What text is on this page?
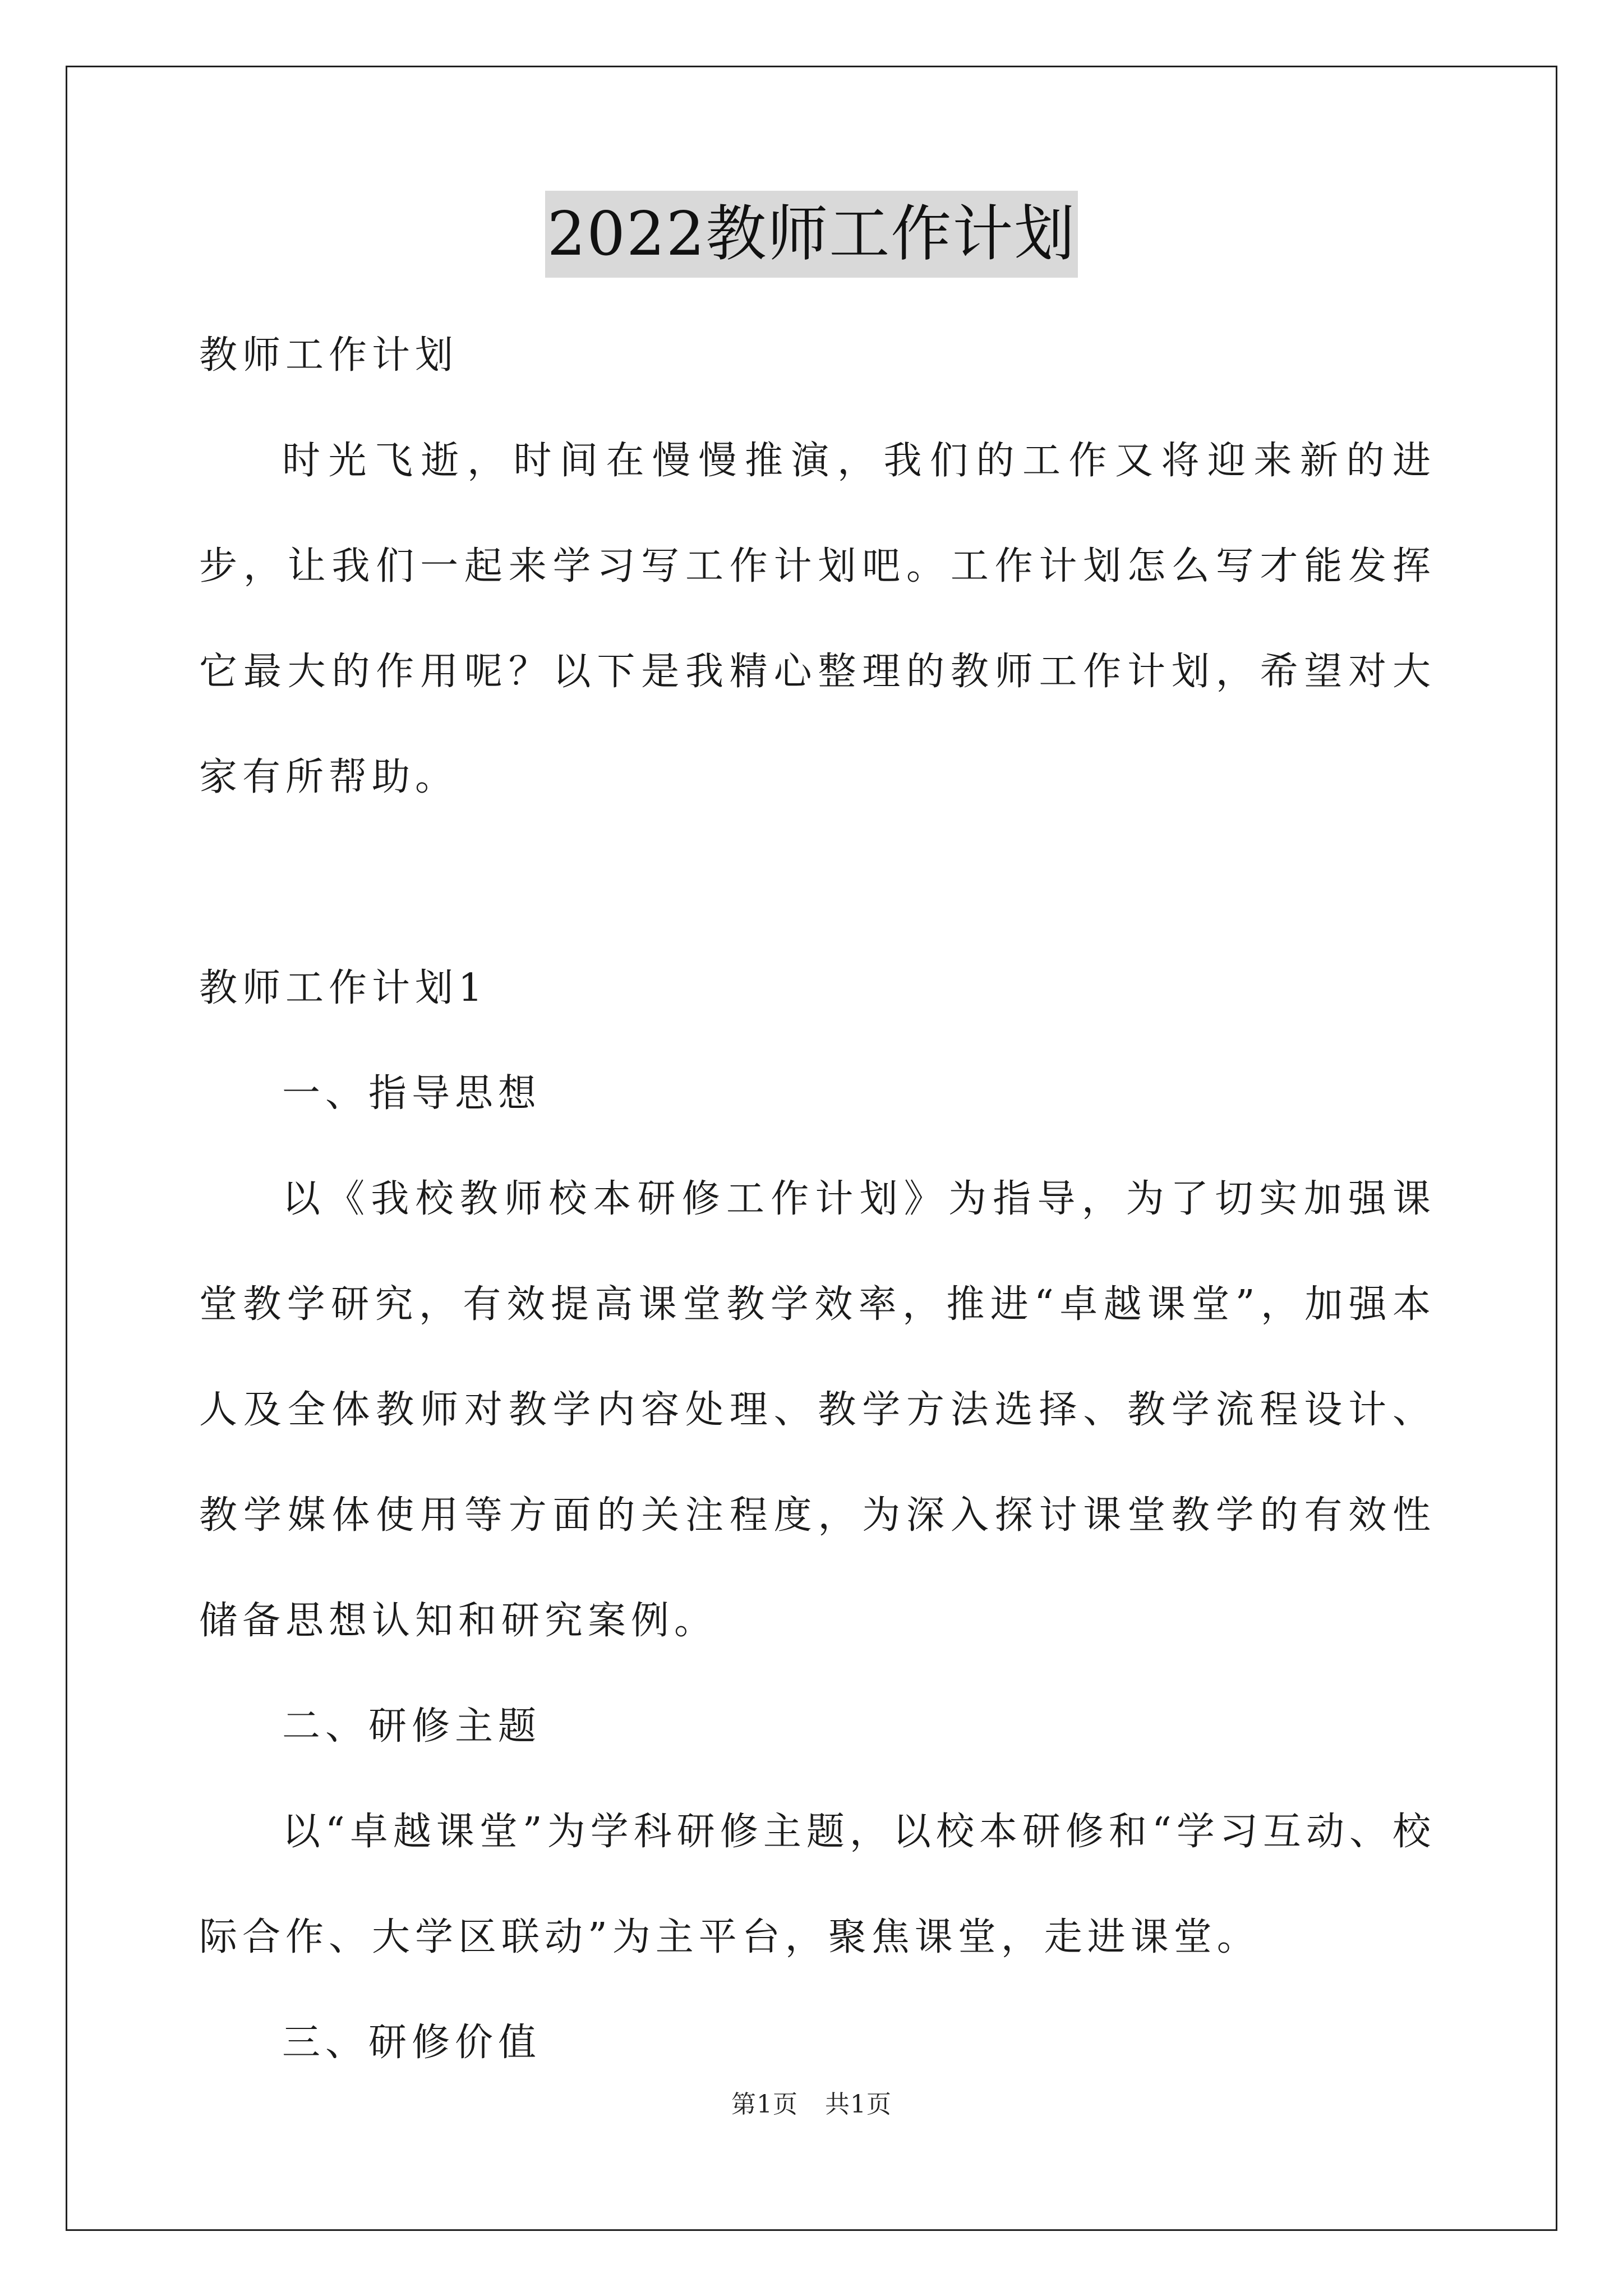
2022教师工作计划

教师工作计划

时光飞逝，时间在慢慢推演，我们的工作又将迎来新的进步，让我们一起来学习写工作计划吧。工作计划怎么写才能发挥它最大的作用呢？以下是我精心整理的教师工作计划，希望对大家有所帮助。

教师工作计划1

一、指导思想

以《我校教师校本研修工作计划》为指导，为了切实加强课堂教学研究，有效提高课堂教学效率，推进“卓越课堂”，加强本人及全体教师对教学内容处理、教学方法选择、教学流程设计、教学媒体使用等方面的关注程度，为深入探讨课堂教学的有效性储备思想认知和研究案例。

二、研修主题

以“卓越课堂”为学科研修主题，以校本研修和“学习互动、校际合作、大学区联动”为主平台，聚焦课堂，走进课堂。

三、研修价值

第1页 共1页
